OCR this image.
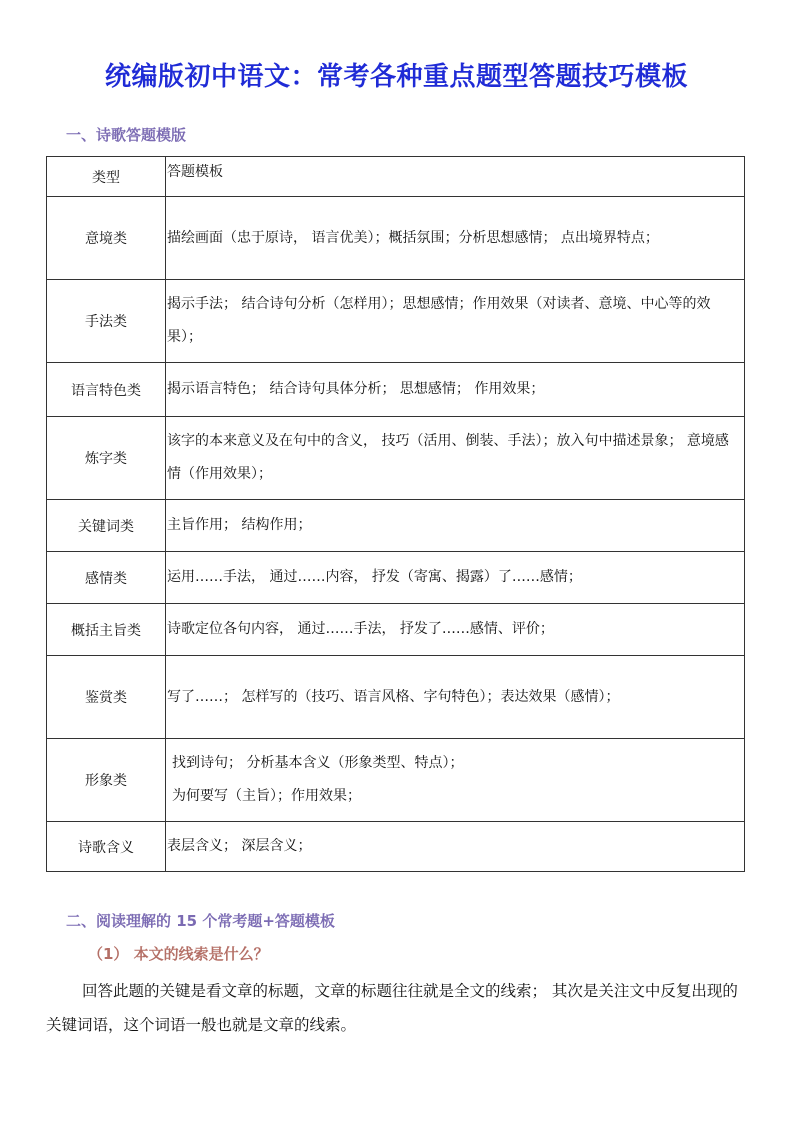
统编版初中语文：常考各种重点题型答题技巧模板
一、诗歌答题模版
类型	答题模板
意境类	描绘画面（忠于原诗， 语言优美）；概括氛围；分析思想感情； 点出境界特点；
手法类	揭示手法； 结合诗句分析（怎样用）；思想感情；作用效果（对读者、意境、中心等的效果）；
语言特色类	揭示语言特色； 结合诗句具体分析； 思想感情； 作用效果；
炼字类	该字的本来意义及在句中的含义， 技巧（活用、倒装、手法）；放入句中描述景象； 意境感情（作用效果）；
关键词类	主旨作用； 结构作用；
感情类	运用……手法， 通过……内容， 抒发（寄寓、揭露）了……感情；
概括主旨类	诗歌定位各句内容， 通过……手法， 抒发了……感情、评价；
鉴赏类	写了……； 怎样写的（技巧、语言风格、字句特色）；表达效果（感情）；
形象类	找到诗句； 分析基本含义（形象类型、特点）；
为何要写（主旨）；作用效果；

诗歌含义	表层含义； 深层含义；
二、阅读理解的 15 个常考题+答题模板
（1） 本文的线索是什么？
回答此题的关键是看文章的标题，文章的标题往往就是全文的线索； 其次是关注文中反复出现的关键词语，这个词语一般也就是文章的线索。
